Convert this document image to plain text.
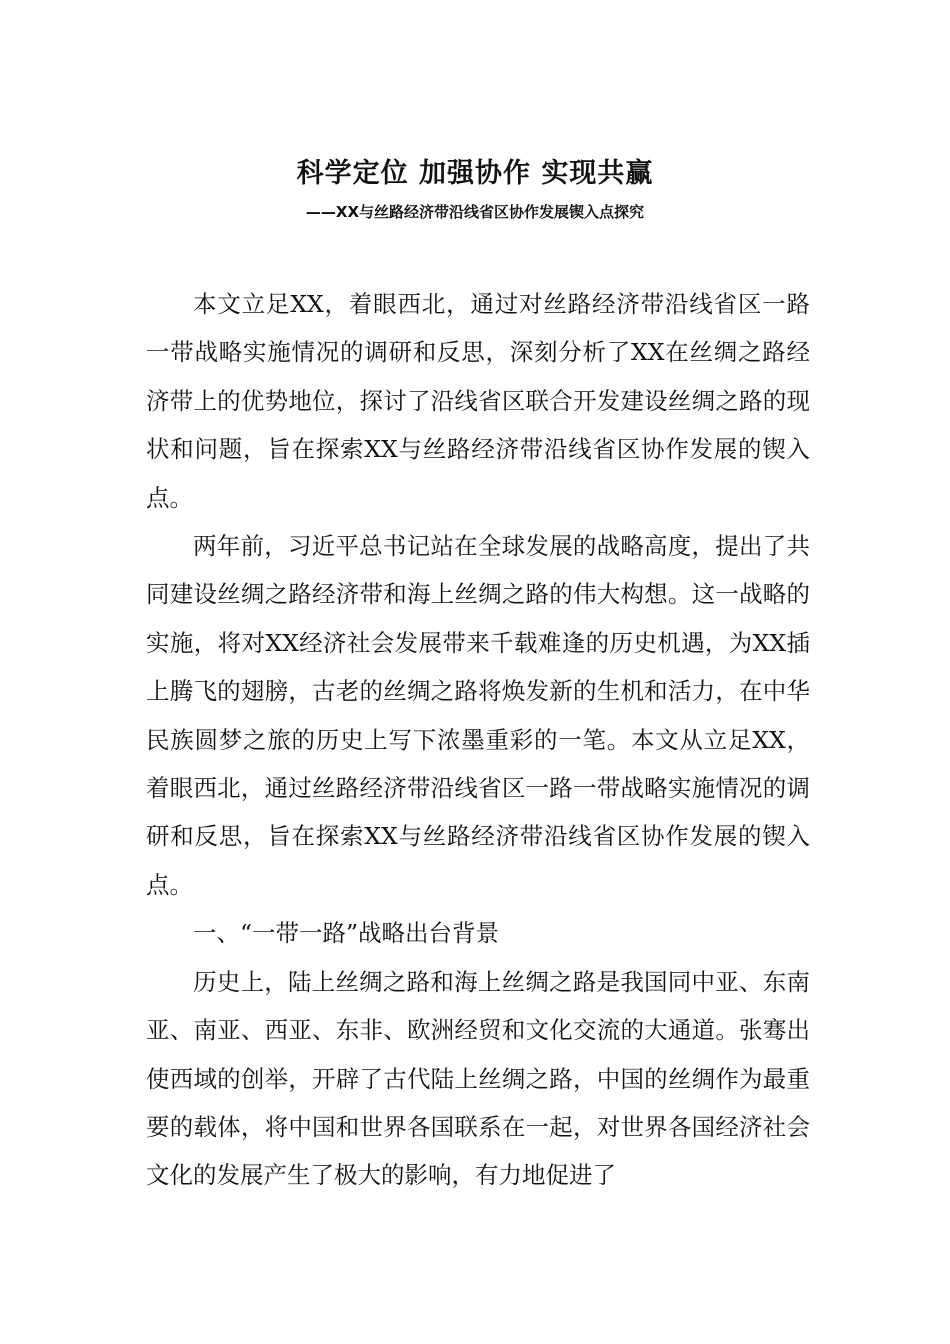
科学定位 加强协作 实现共赢
——XX与丝路经济带沿线省区协作发展锲入点探究

本文立足XX，着眼西北，通过对丝路经济带沿线省区一路一带战略实施情况的调研和反思，深刻分析了XX在丝绸之路经济带上的优势地位，探讨了沿线省区联合开发建设丝绸之路的现状和问题，旨在探索XX与丝路经济带沿线省区协作发展的锲入点。

两年前，习近平总书记站在全球发展的战略高度，提出了共同建设丝绸之路经济带和海上丝绸之路的伟大构想。这一战略的实施，将对XX经济社会发展带来千载难逢的历史机遇，为XX插上腾飞的翅膀，古老的丝绸之路将焕发新的生机和活力，在中华民族圆梦之旅的历史上写下浓墨重彩的一笔。本文从立足XX，着眼西北，通过丝路经济带沿线省区一路一带战略实施情况的调研和反思，旨在探索XX与丝路经济带沿线省区协作发展的锲入点。

一、“一带一路”战略出台背景

历史上，陆上丝绸之路和海上丝绸之路是我国同中亚、东南亚、南亚、西亚、东非、欧洲经贸和文化交流的大通道。张骞出使西域的创举，开辟了古代陆上丝绸之路，中国的丝绸作为最重要的载体，将中国和世界各国联系在一起，对世界各国经济社会文化的发展产生了极大的影响，有力地促进了
